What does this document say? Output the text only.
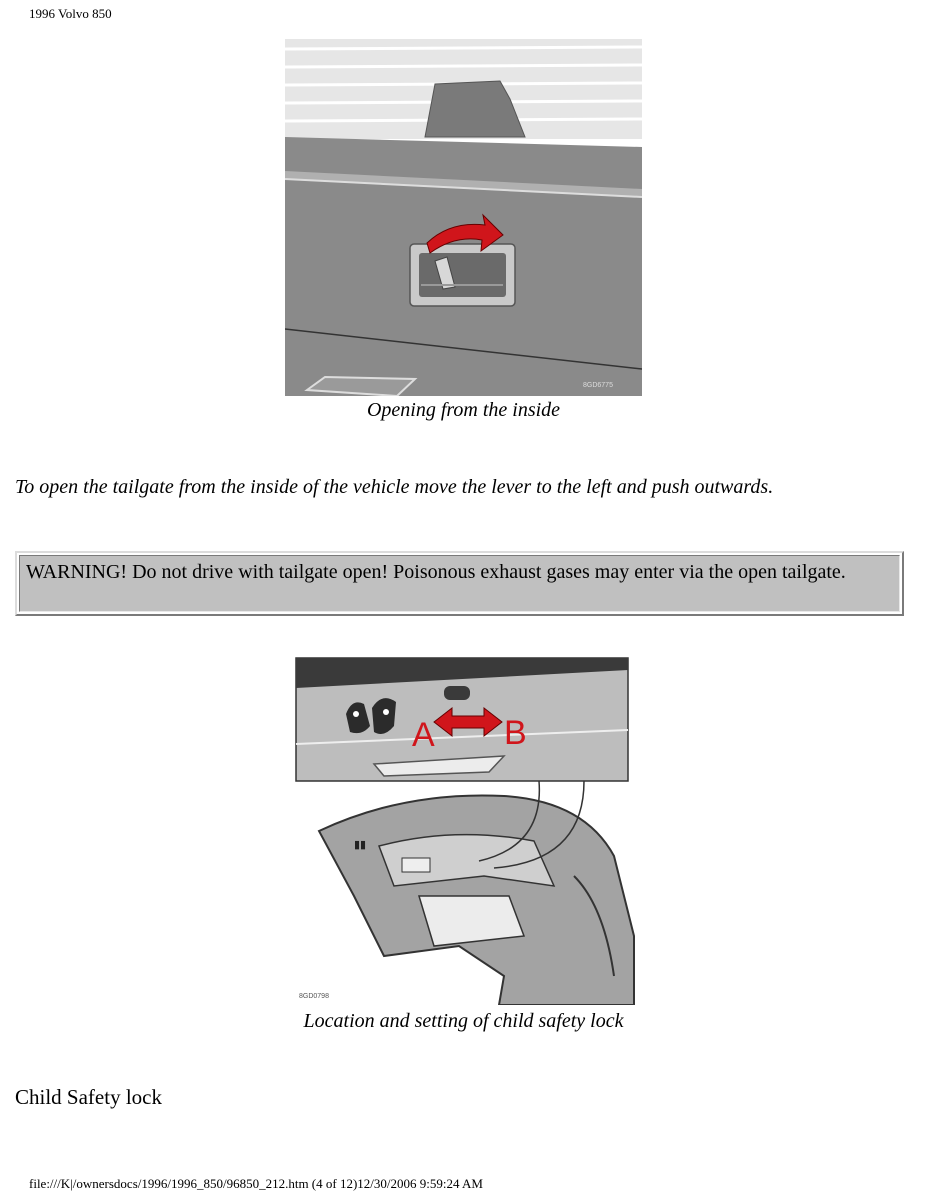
1996 Volvo 850
8GD6775
Opening from the inside
To open the tailgate from the inside of the vehicle move the lever to the left and push outwards.
WARNING! Do not drive with tailgate open! Poisonous exhaust gases may enter via the open tailgate.
▮▮
A B
8GD0798
Location and setting of child safety lock
Child Safety lock
file:///K|/ownersdocs/1996/1996_850/96850_212.htm (4 of 12)12/30/2006 9:59:24 AM
